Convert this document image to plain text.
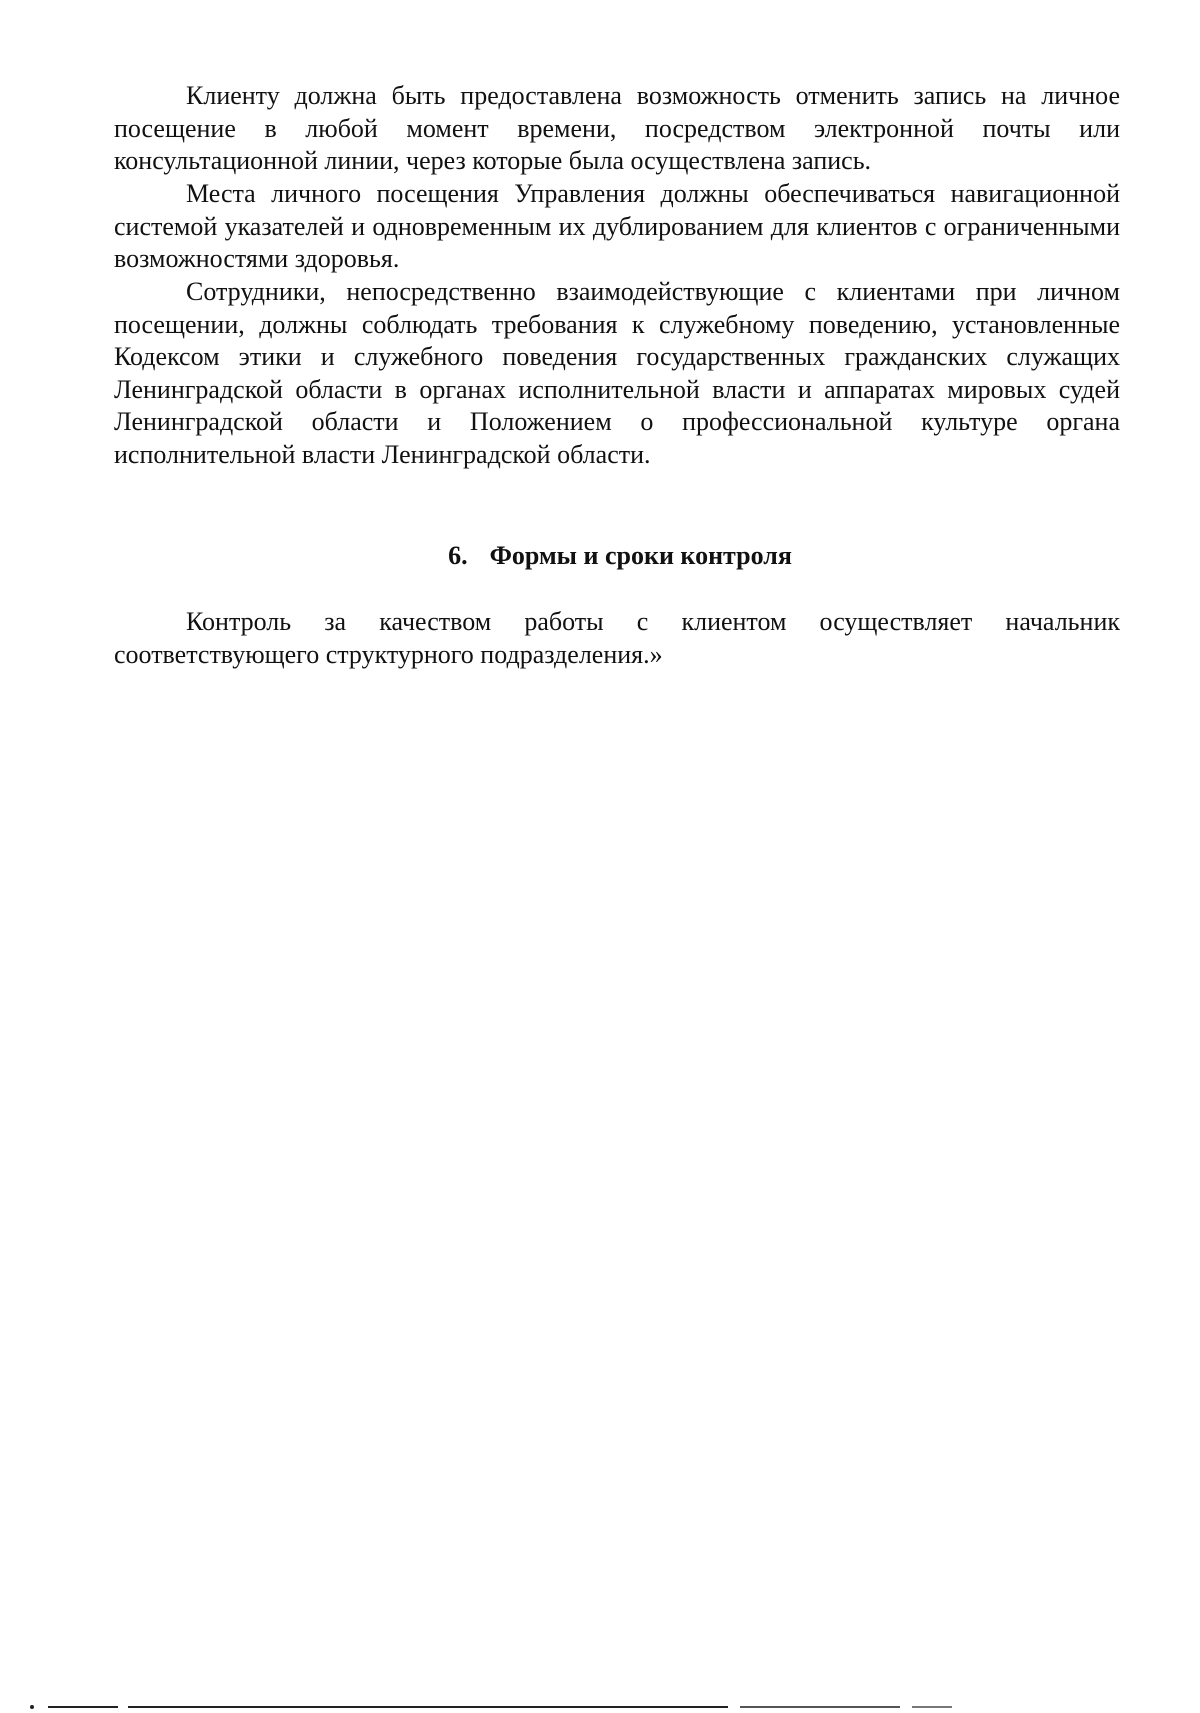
Клиенту должна быть предоставлена возможность отменить запись на личное посещение в любой момент времени, посредством электронной почты или консультационной линии, через которые была осуществлена запись.

Места личного посещения Управления должны обеспечиваться навигационной системой указателей и одновременным их дублированием для клиентов с ограниченными возможностями здоровья.

Сотрудники, непосредственно взаимодействующие с клиентами при личном посещении, должны соблюдать требования к служебному поведению, установленные Кодексом этики и служебного поведения государственных гражданских служащих Ленинградской области в органах исполнительной власти и аппаратах мировых судей Ленинградской области и Положением о профессиональной культуре органа исполнительной власти Ленинградской области.

6. Формы и сроки контроля

Контроль за качеством работы с клиентом осуществляет начальник соответствующего структурного подразделения.»
